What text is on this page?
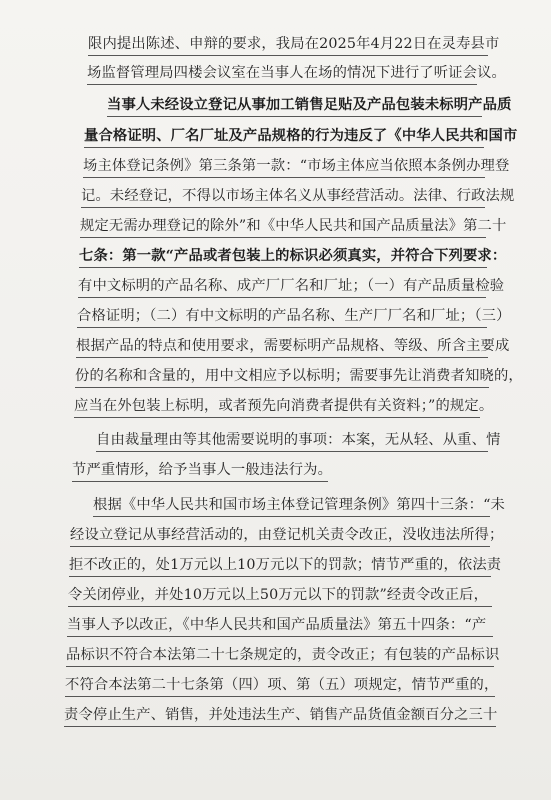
限内提出陈述、申辩的要求，我局在2025年4月22日在灵寿县市
场监督管理局四楼会议室在当事人在场的情况下进行了听证会议。
当事人未经设立登记从事加工销售足贴及产品包装未标明产品质
量合格证明、厂名厂址及产品规格的行为违反了《中华人民共和国市
场主体登记条例》第三条第一款：“市场主体应当依照本条例办理登
记。未经登记，不得以市场主体名义从事经营活动。法律、行政法规
规定无需办理登记的除外”和《中华人民共和国产品质量法》第二十
七条：第一款“产品或者包装上的标识必须真实，并符合下列要求：
有中文标明的产品名称、成产厂厂名和厂址；（一）有产品质量检验
合格证明；（二）有中文标明的产品名称、生产厂厂名和厂址；（三）
根据产品的特点和使用要求，需要标明产品规格、等级、所含主要成
份的名称和含量的，用中文相应予以标明；需要事先让消费者知晓的，
应当在外包装上标明，或者预先向消费者提供有关资料；”的规定。
自由裁量理由等其他需要说明的事项：本案，无从轻、从重、情
节严重情形，给予当事人一般违法行为。
根据《中华人民共和国市场主体登记管理条例》第四十三条：“未
经设立登记从事经营活动的，由登记机关责令改正，没收违法所得；
拒不改正的，处1万元以上10万元以下的罚款；情节严重的，依法责
令关闭停业，并处10万元以上50万元以下的罚款”经责令改正后，
当事人予以改正，《中华人民共和国产品质量法》第五十四条：“产
品标识不符合本法第二十七条规定的，责令改正；有包装的产品标识
不符合本法第二十七条第（四）项、第（五）项规定，情节严重的，
责令停止生产、销售，并处违法生产、销售产品货值金额百分之三十
